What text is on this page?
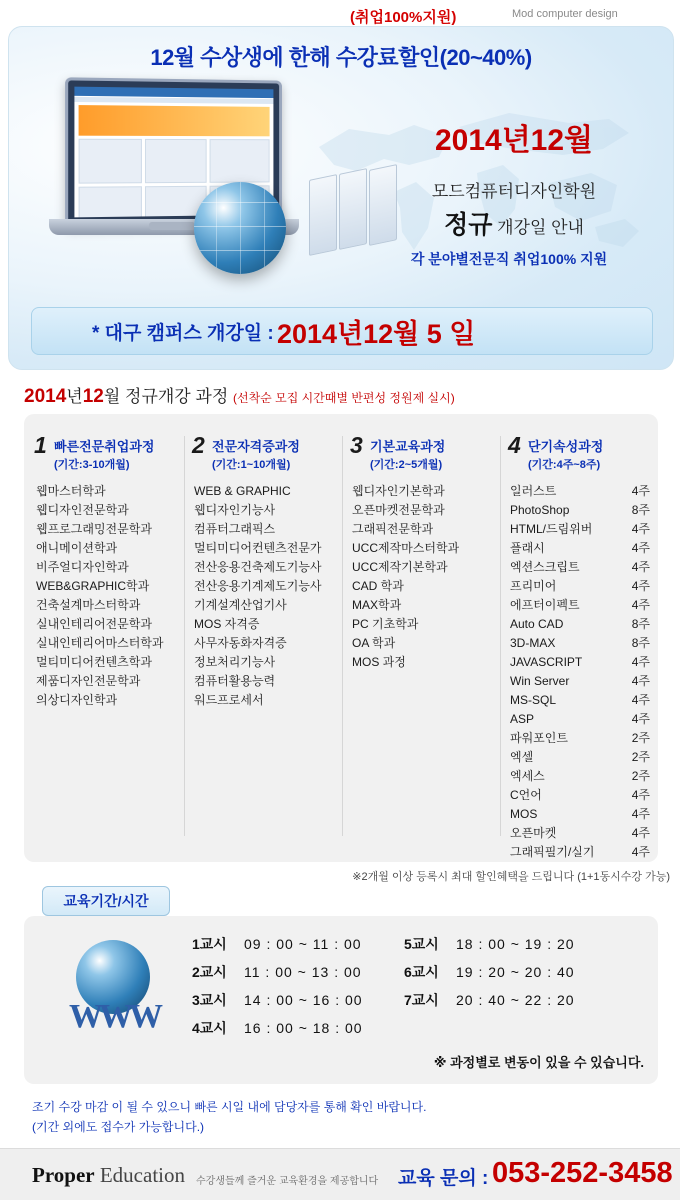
(취업100%지원)	Mod computer design
12월 수상생에 한해 수강료할인(20~40%)
2014년12월
모드컴퓨터디자인학원
정규 개강일 안내
각 분야별전문직 취업100% 지원
* 대구 캠퍼스 개강일 : 2014년12월 5 일
2014년12월 정규개강 과정 (선착순 모집 시간때별 반편성 정원제 실시)
1 빠른전문취업과정
(기간:3-10개월)
웹마스터학과
웹디자인전문학과
웹프로그래밍전문학과
애니메이션학과
비주얼디자인학과
WEB&GRAPHIC학과
건축설계마스터학과
실내인테리어전문학과
실내인테리어마스터학과
멀티미디어컨텐츠학과
제품디자인전문학과
의상디자인학과
2 전문자격증과정
(기간:1~10개월)
WEB & GRAPHIC
웹디자인기능사
컴퓨터그래픽스
멀티미디어컨텐츠전문가
전산응용건축제도기능사
전산응용기계제도기능사
기계설계산업기사
MOS 자격증
사무자동화자격증
정보처리기능사
컴퓨터활용능력
워드프로세서
3 기본교육과정
(기간:2~5개월)
웹디자인기본학과
오픈마켓전문학과
그래픽전문학과
UCC제작마스터학과
UCC제작기본학과
CAD 학과
MAX학과
PC 기초학과
OA 학과
MOS 과정
4 단기속성과정
(기간:4주~8주)
일러스트	4주
PhotoShop	8주
HTML/드림위버	4주
플래시	4주
엑션스크립트	4주
프리미어	4주
에프터이펙트	4주
Auto CAD	8주
3D-MAX	8주
JAVASCRIPT	4주
Win Server	4주
MS-SQL	4주
ASP	4주
파워포인트	2주
엑셀	2주
엑세스	2주
C언어	4주
MOS	4주
오픈마켓	4주
그래픽필기/실기	4주
※2개월 이상 등록시 최대 할인혜택을 드립니다 (1+1동시수강 가능)
교육기간/시간
WWW
1교시	09 : 00 ~ 11 : 00	5교시	18 : 00 ~ 19 : 20
2교시	11 : 00 ~ 13 : 00	6교시	19 : 20 ~ 20 : 40
3교시	14 : 00 ~ 16 : 00	7교시	20 : 40 ~ 22 : 20
4교시	16 : 00 ~ 18 : 00
※ 과정별로 변동이 있을 수 있습니다.
조기 수강 마감 이 될 수 있으니 빠른 시일 내에 담당자를 통해 확인 바랍니다.
(기간 외에도 접수가 가능합니다.)
Proper Education 수강생들께 즐거운 교육환경을 제공합니다 교육 문의 : 053-252-3458
